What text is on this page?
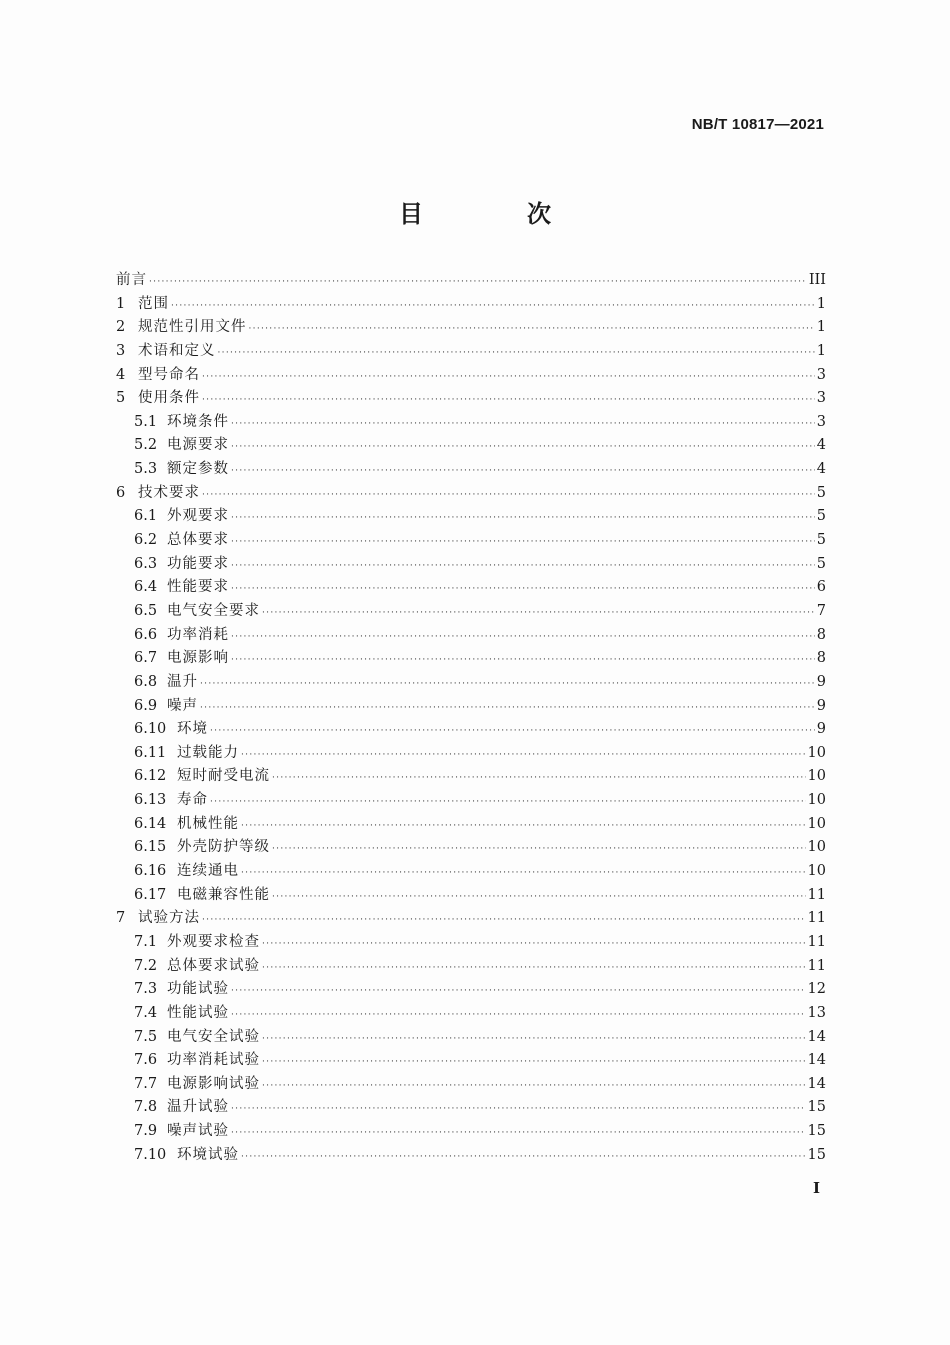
NB/T 10817—2021
目　次
前言 ·····	III
1 范围 ·····	1
2 规范性引用文件 ·····	1
3 术语和定义 ·····	1
4 型号命名 ·····	3
5 使用条件 ·····	3
5.1 环境条件 ·····	3
5.2 电源要求 ·····	4
5.3 额定参数 ·····	4
6 技术要求 ·····	5
6.1 外观要求 ·····	5
6.2 总体要求 ·····	5
6.3 功能要求 ·····	5
6.4 性能要求 ·····	6
6.5 电气安全要求 ·····	7
6.6 功率消耗 ·····	8
6.7 电源影响 ·····	8
6.8 温升 ·····	9
6.9 噪声 ·····	9
6.10 环境 ·····	9
6.11 过载能力 ·····	10
6.12 短时耐受电流 ·····	10
6.13 寿命 ·····	10
6.14 机械性能 ·····	10
6.15 外壳防护等级 ·····	10
6.16 连续通电 ·····	10
6.17 电磁兼容性能 ·····	11
7 试验方法 ·····	11
7.1 外观要求检查 ·····	11
7.2 总体要求试验 ·····	11
7.3 功能试验 ·····	12
7.4 性能试验 ·····	13
7.5 电气安全试验 ·····	14
7.6 功率消耗试验 ·····	14
7.7 电源影响试验 ·····	14
7.8 温升试验 ·····	15
7.9 噪声试验 ·····	15
7.10 环境试验 ·····	15
I
